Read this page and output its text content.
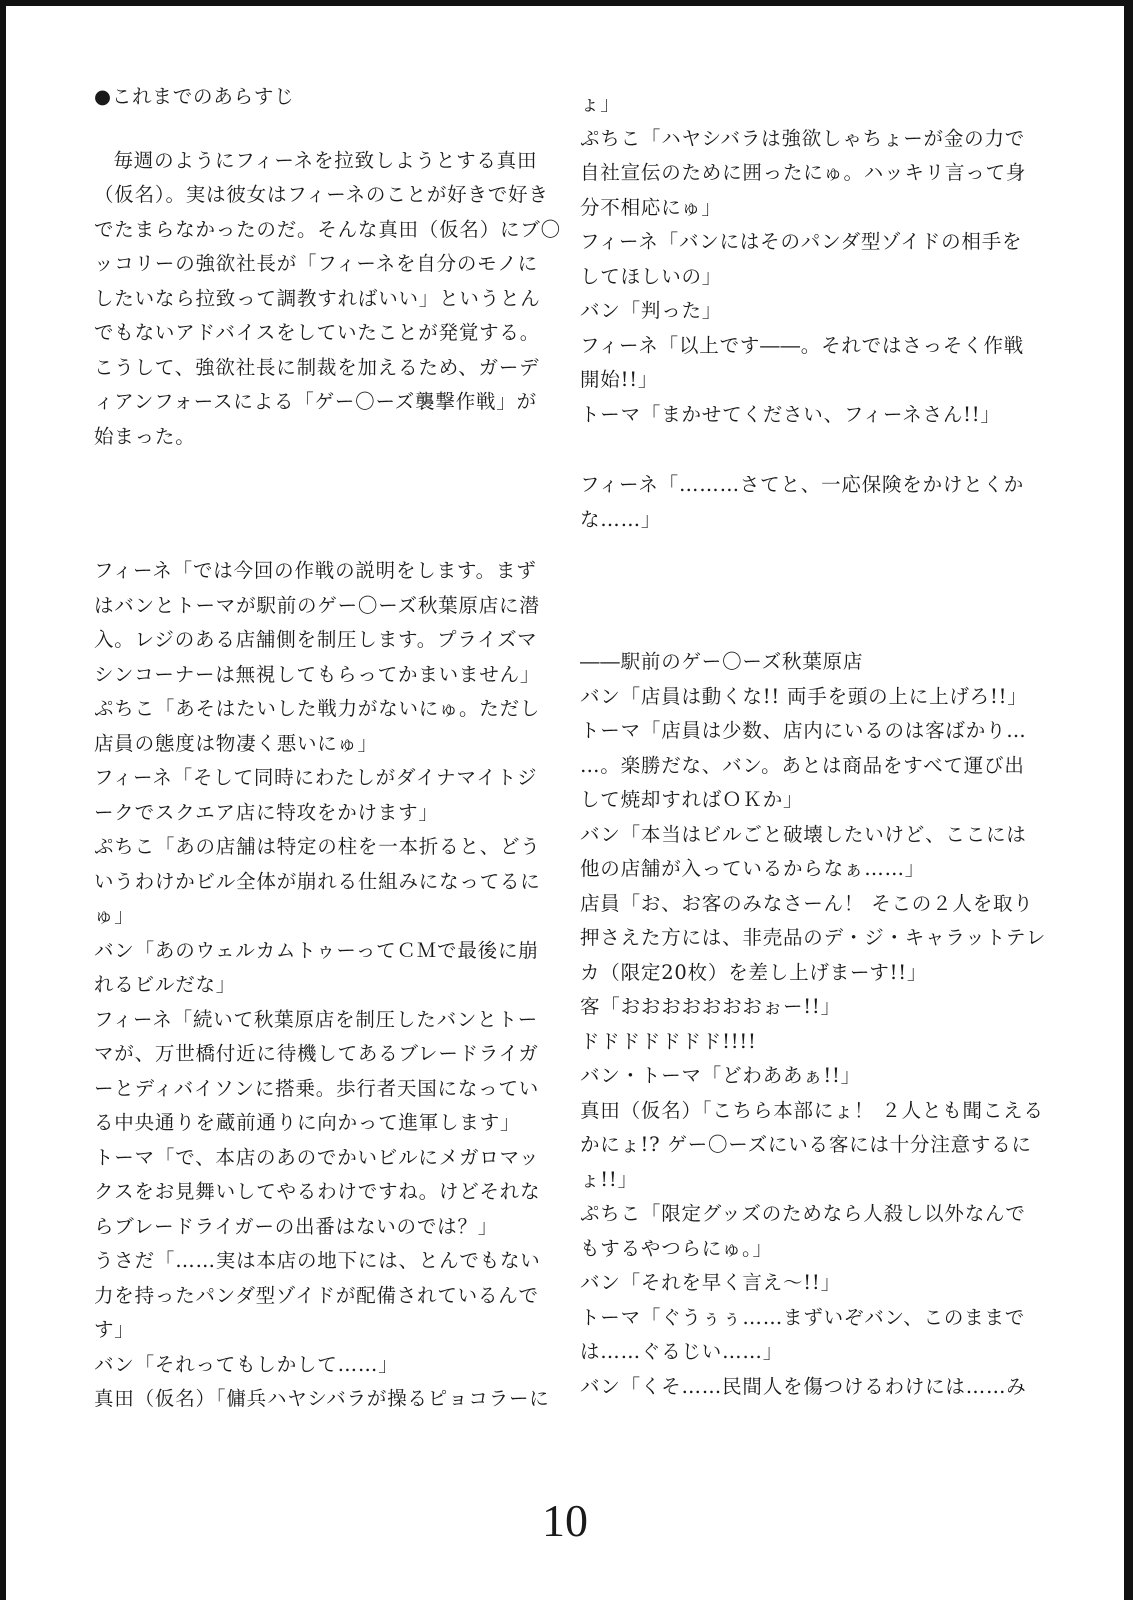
●これまでのあらすじ
毎週のようにフィーネを拉致しようとする真田
（仮名）。実は彼女はフィーネのことが好きで好き
でたまらなかったのだ。そんな真田（仮名）にブ〇
ッコリーの強欲社長が「フィーネを自分のモノに
したいなら拉致って調教すればいい」というとん
でもないアドバイスをしていたことが発覚する。
こうして、強欲社長に制裁を加えるため、ガーデ
ィアンフォースによる「ゲー〇ーズ襲撃作戦」が
始まった。
フィーネ「では今回の作戦の説明をします。まず
はバンとトーマが駅前のゲー〇ーズ秋葉原店に潜
入。レジのある店舗側を制圧します。プライズマ
シンコーナーは無視してもらってかまいません」
ぷちこ「あそはたいした戦力がないにゅ。ただし
店員の態度は物凄く悪いにゅ」
フィーネ「そして同時にわたしがダイナマイトジ
ークでスクエア店に特攻をかけます」
ぷちこ「あの店舗は特定の柱を一本折ると、どう
いうわけかビル全体が崩れる仕組みになってるに
ゅ」
バン「あのウェルカムトゥーってＣＭで最後に崩
れるビルだな」
フィーネ「続いて秋葉原店を制圧したバンとトー
マが、万世橋付近に待機してあるブレードライガ
ーとディバイソンに搭乗。歩行者天国になってい
る中央通りを蔵前通りに向かって進軍します」
トーマ「で、本店のあのでかいビルにメガロマッ
クスをお見舞いしてやるわけですね。けどそれな
らブレードライガーの出番はないのでは？」
うさだ「……実は本店の地下には、とんでもない
力を持ったパンダ型ゾイドが配備されているんで
す」
バン「それってもしかして……」
真田（仮名）「傭兵ハヤシバラが操るピョコラーに
ょ」
ぷちこ「ハヤシバラは強欲しゃちょーが金の力で
自社宣伝のために囲ったにゅ。ハッキリ言って身
分不相応にゅ」
フィーネ「バンにはそのパンダ型ゾイドの相手を
してほしいの」
バン「判った」
フィーネ「以上です――。それではさっそく作戦
開始!!」
トーマ「まかせてください、フィーネさん!!」
フィーネ「………さてと、一応保険をかけとくか
な……」
――駅前のゲー〇ーズ秋葉原店
バン「店員は動くな!! 両手を頭の上に上げろ!!」
トーマ「店員は少数、店内にいるのは客ばかり…
…。楽勝だな、バン。あとは商品をすべて運び出
して焼却すればＯＫか」
バン「本当はビルごと破壊したいけど、ここには
他の店舗が入っているからなぁ……」
店員「お、お客のみなさーん！ そこの２人を取り
押さえた方には、非売品のデ・ジ・キャラットテレ
カ（限定20枚）を差し上げまーす!!」
客「おおおおおおおぉー!!」
ドドドドドドド!!!!
バン・トーマ「どわああぁ!!」
真田（仮名）「こちら本部にょ！ ２人とも聞こえる
かにょ!? ゲー〇ーズにいる客には十分注意するに
ょ!!」
ぷちこ「限定グッズのためなら人殺し以外なんで
もするやつらにゅ。」
バン「それを早く言え～!!」
トーマ「ぐうぅぅ……まずいぞバン、このままで
は……ぐるじい……」
バン「くそ……民間人を傷つけるわけには……み
10
